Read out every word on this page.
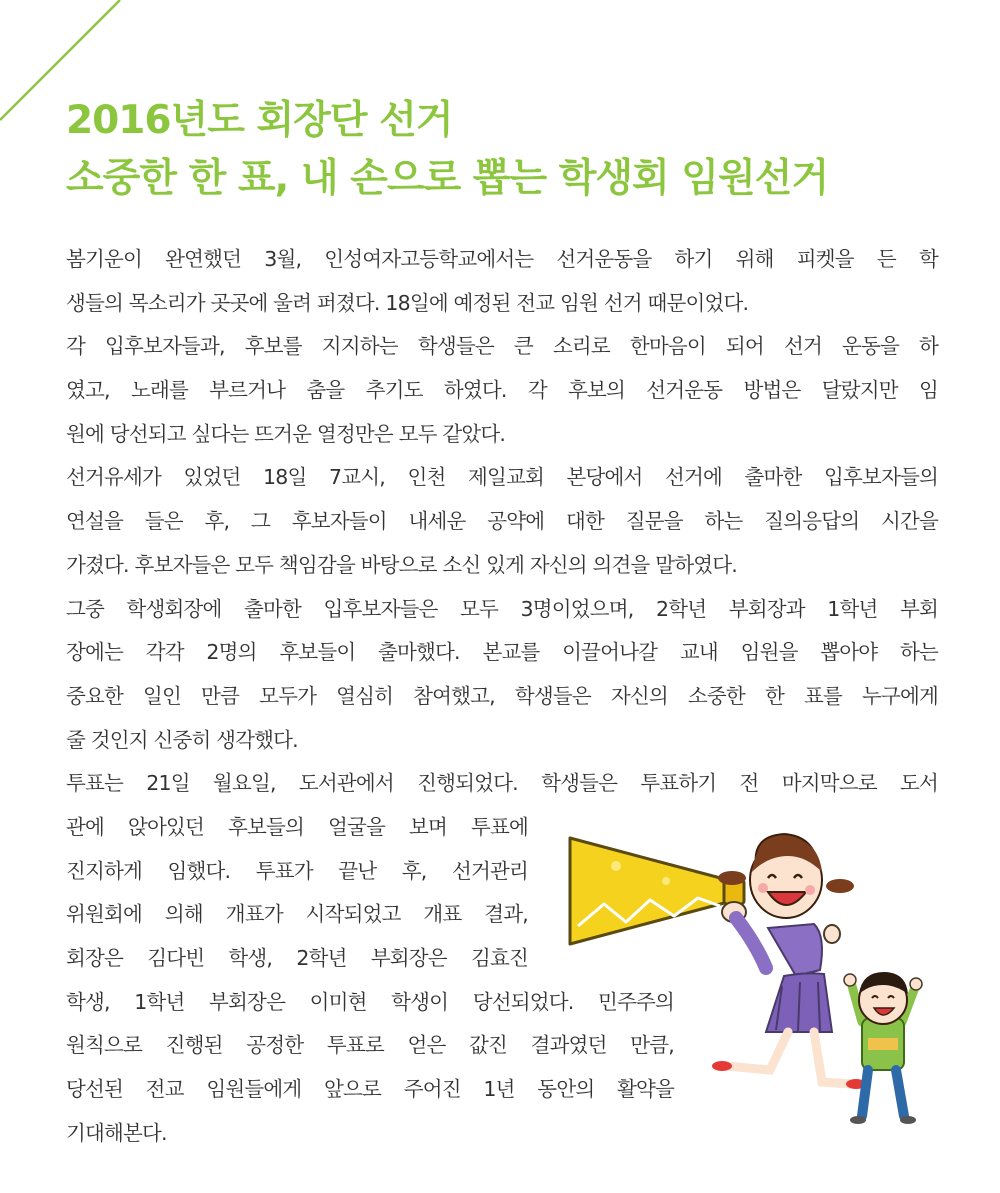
2016년도 회장단 선거
소중한 한 표, 내 손으로 뽑는 학생회 임원선거
봄기운이 완연했던 3월, 인성여자고등학교에서는 선거운동을 하기 위해 피켓을 든 학
생들의 목소리가 곳곳에 울려 퍼졌다. 18일에 예정된 전교 임원 선거 때문이었다.
각 입후보자들과, 후보를 지지하는 학생들은 큰 소리로 한마음이 되어 선거 운동을 하
였고, 노래를 부르거나 춤을 추기도 하였다. 각 후보의 선거운동 방법은 달랐지만 임
원에 당선되고 싶다는 뜨거운 열정만은 모두 같았다.
선거유세가 있었던 18일 7교시, 인천 제일교회 본당에서 선거에 출마한 입후보자들의
연설을 들은 후, 그 후보자들이 내세운 공약에 대한 질문을 하는 질의응답의 시간을
가졌다. 후보자들은 모두 책임감을 바탕으로 소신 있게 자신의 의견을 말하였다.
그중 학생회장에 출마한 입후보자들은 모두 3명이었으며, 2학년 부회장과 1학년 부회
장에는 각각 2명의 후보들이 출마했다. 본교를 이끌어나갈 교내 임원을 뽑아야 하는
중요한 일인 만큼 모두가 열심히 참여했고, 학생들은 자신의 소중한 한 표를 누구에게
줄 것인지 신중히 생각했다.
투표는 21일 월요일, 도서관에서 진행되었다. 학생들은 투표하기 전 마지막으로 도서
관에 앉아있던 후보들의 얼굴을 보며 투표에
진지하게 임했다. 투표가 끝난 후, 선거관리
위원회에 의해 개표가 시작되었고 개표 결과,
회장은 김다빈 학생, 2학년 부회장은 김효진
학생, 1학년 부회장은 이미현 학생이 당선되었다. 민주주의
원칙으로 진행된 공정한 투표로 얻은 값진 결과였던 만큼,
당선된 전교 임원들에게 앞으로 주어진 1년 동안의 활약을
기대해본다.
